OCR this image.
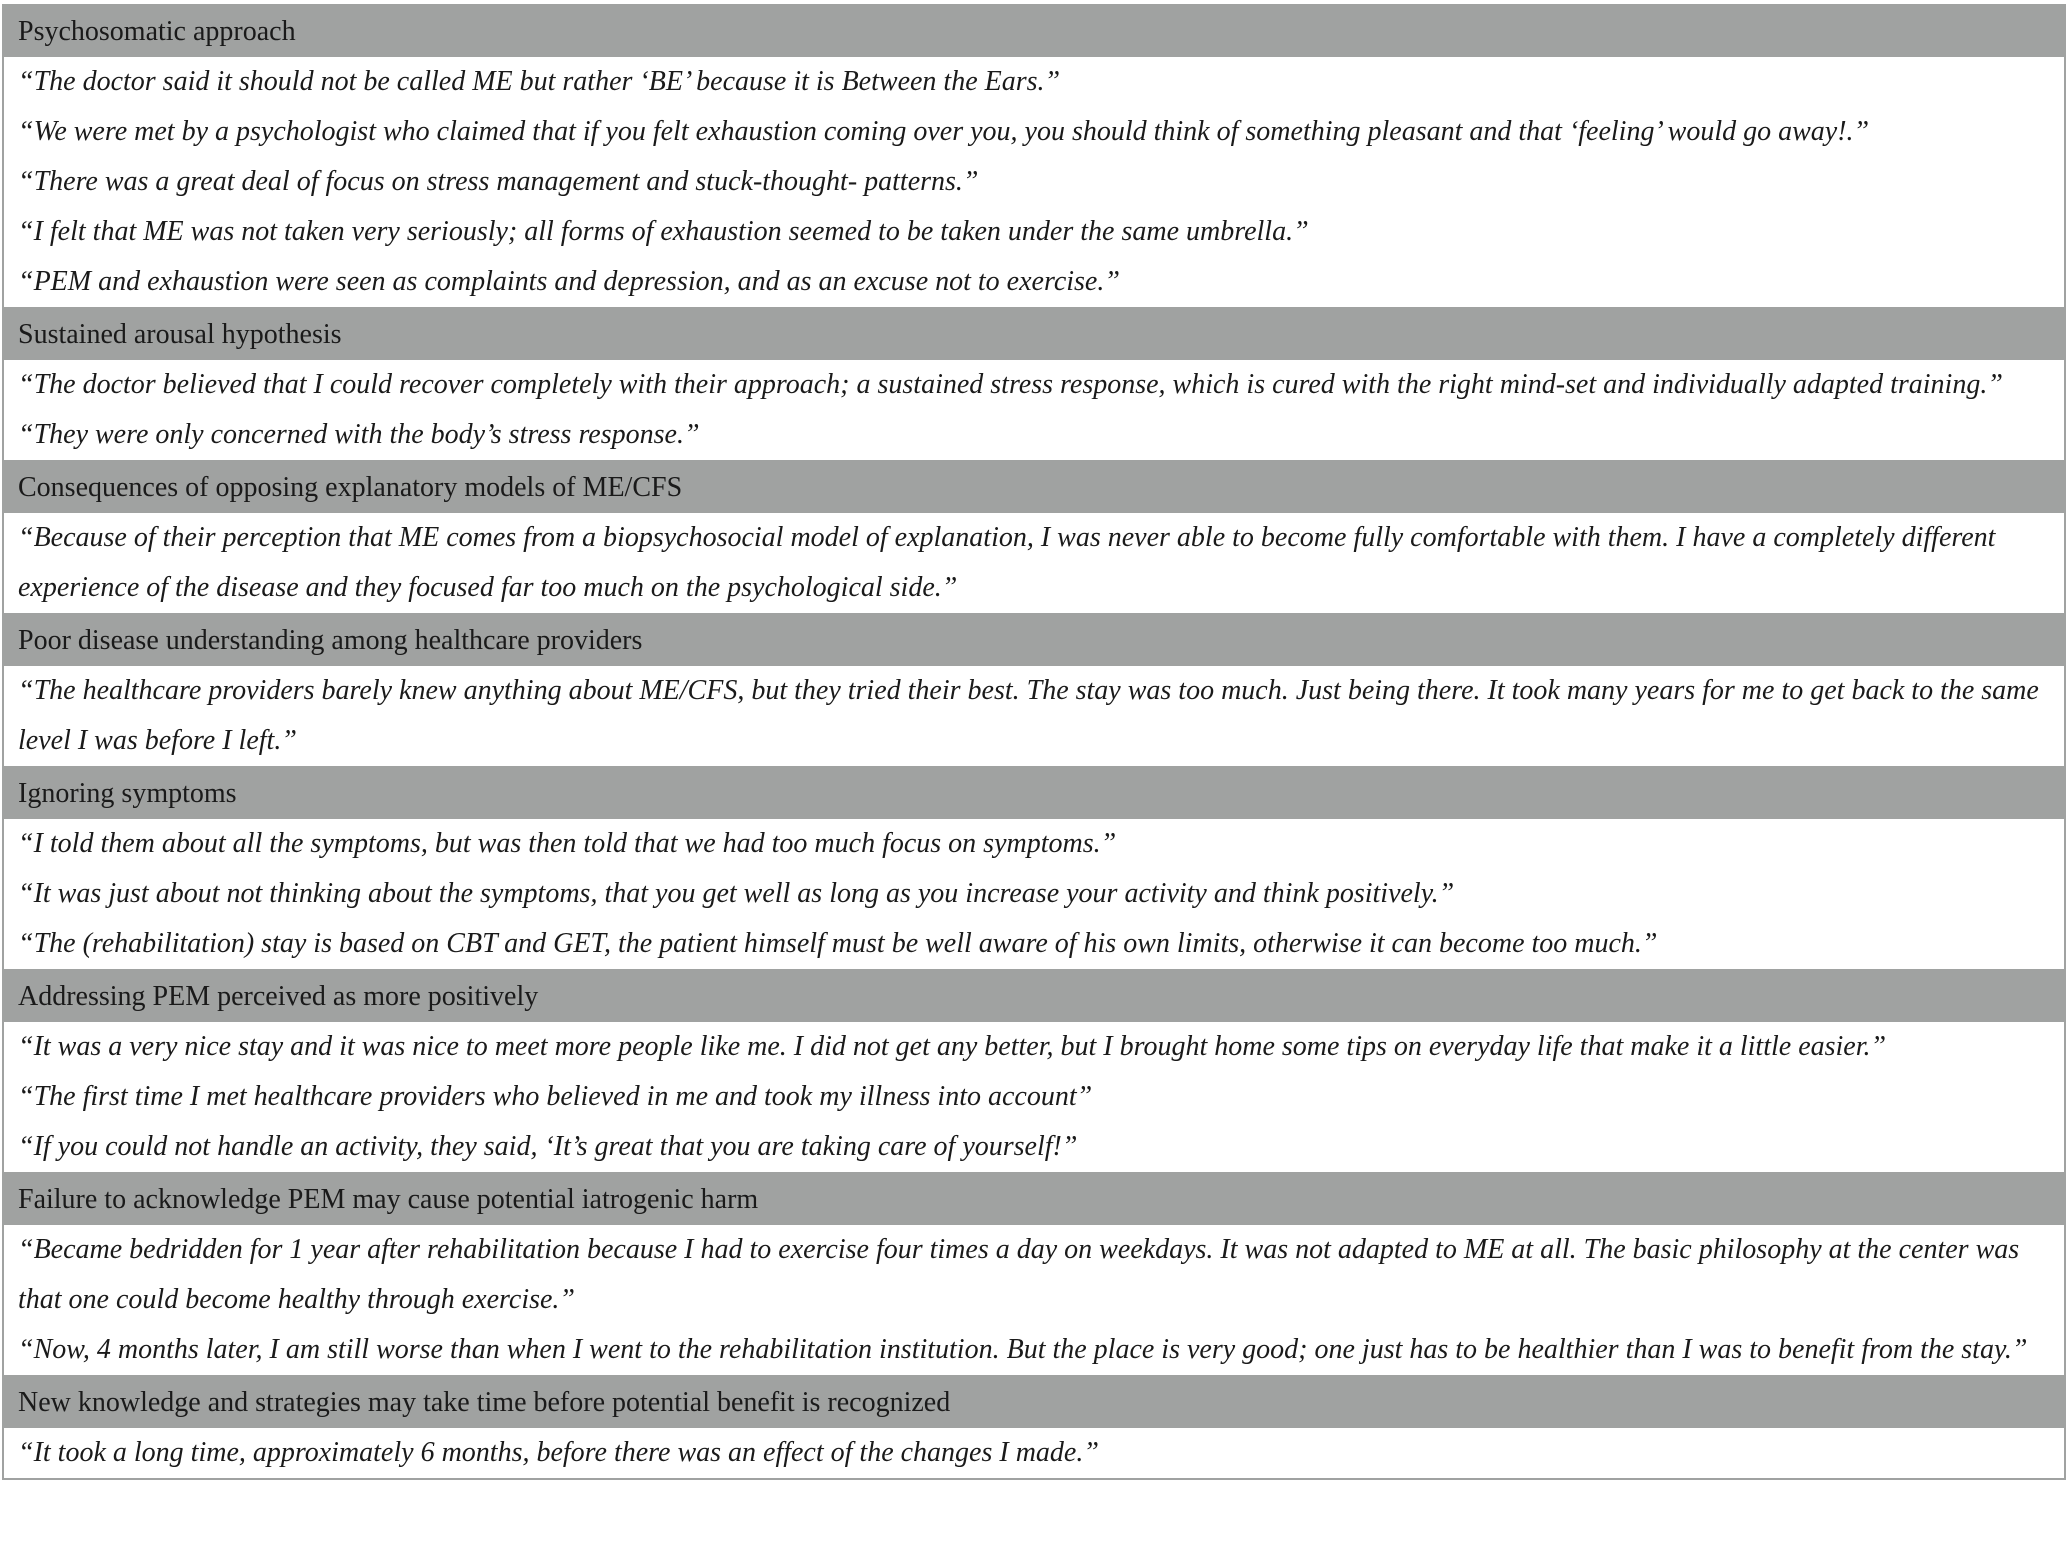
Psychosomatic approach

“The doctor said it should not be called ME but rather ‘BE’ because it is Between the Ears.”

“We were met by a psychologist who claimed that if you felt exhaustion coming over you, you should think of something pleasant and that ‘feeling’ would go away!.”

“There was a great deal of focus on stress management and stuck-thought- patterns.”

“I felt that ME was not taken very seriously; all forms of exhaustion seemed to be taken under the same umbrella.”

“PEM and exhaustion were seen as complaints and depression, and as an excuse not to exercise.”

Sustained arousal hypothesis

“The doctor believed that I could recover completely with their approach; a sustained stress response, which is cured with the right mind-set and individually adapted training.”

“They were only concerned with the body’s stress response.”

Consequences of opposing explanatory models of ME/CFS

“Because of their perception that ME comes from a biopsychosocial model of explanation, I was never able to become fully comfortable with them. I have a completely different experience of the disease and they focused far too much on the psychological side.”

Poor disease understanding among healthcare providers

“The healthcare providers barely knew anything about ME/CFS, but they tried their best. The stay was too much. Just being there. It took many years for me to get back to the same level I was before I left.”

Ignoring symptoms

“I told them about all the symptoms, but was then told that we had too much focus on symptoms.”

“It was just about not thinking about the symptoms, that you get well as long as you increase your activity and think positively.”

“The (rehabilitation) stay is based on CBT and GET, the patient himself must be well aware of his own limits, otherwise it can become too much.”

Addressing PEM perceived as more positively

“It was a very nice stay and it was nice to meet more people like me. I did not get any better, but I brought home some tips on everyday life that make it a little easier.”

“The first time I met healthcare providers who believed in me and took my illness into account”

“If you could not handle an activity, they said, ‘It’s great that you are taking care of yourself!”

Failure to acknowledge PEM may cause potential iatrogenic harm

“Became bedridden for 1 year after rehabilitation because I had to exercise four times a day on weekdays. It was not adapted to ME at all. The basic philosophy at the center was that one could become healthy through exercise.”

“Now, 4 months later, I am still worse than when I went to the rehabilitation institution. But the place is very good; one just has to be healthier than I was to benefit from the stay.”

New knowledge and strategies may take time before potential benefit is recognized

“It took a long time, approximately 6 months, before there was an effect of the changes I made.”
